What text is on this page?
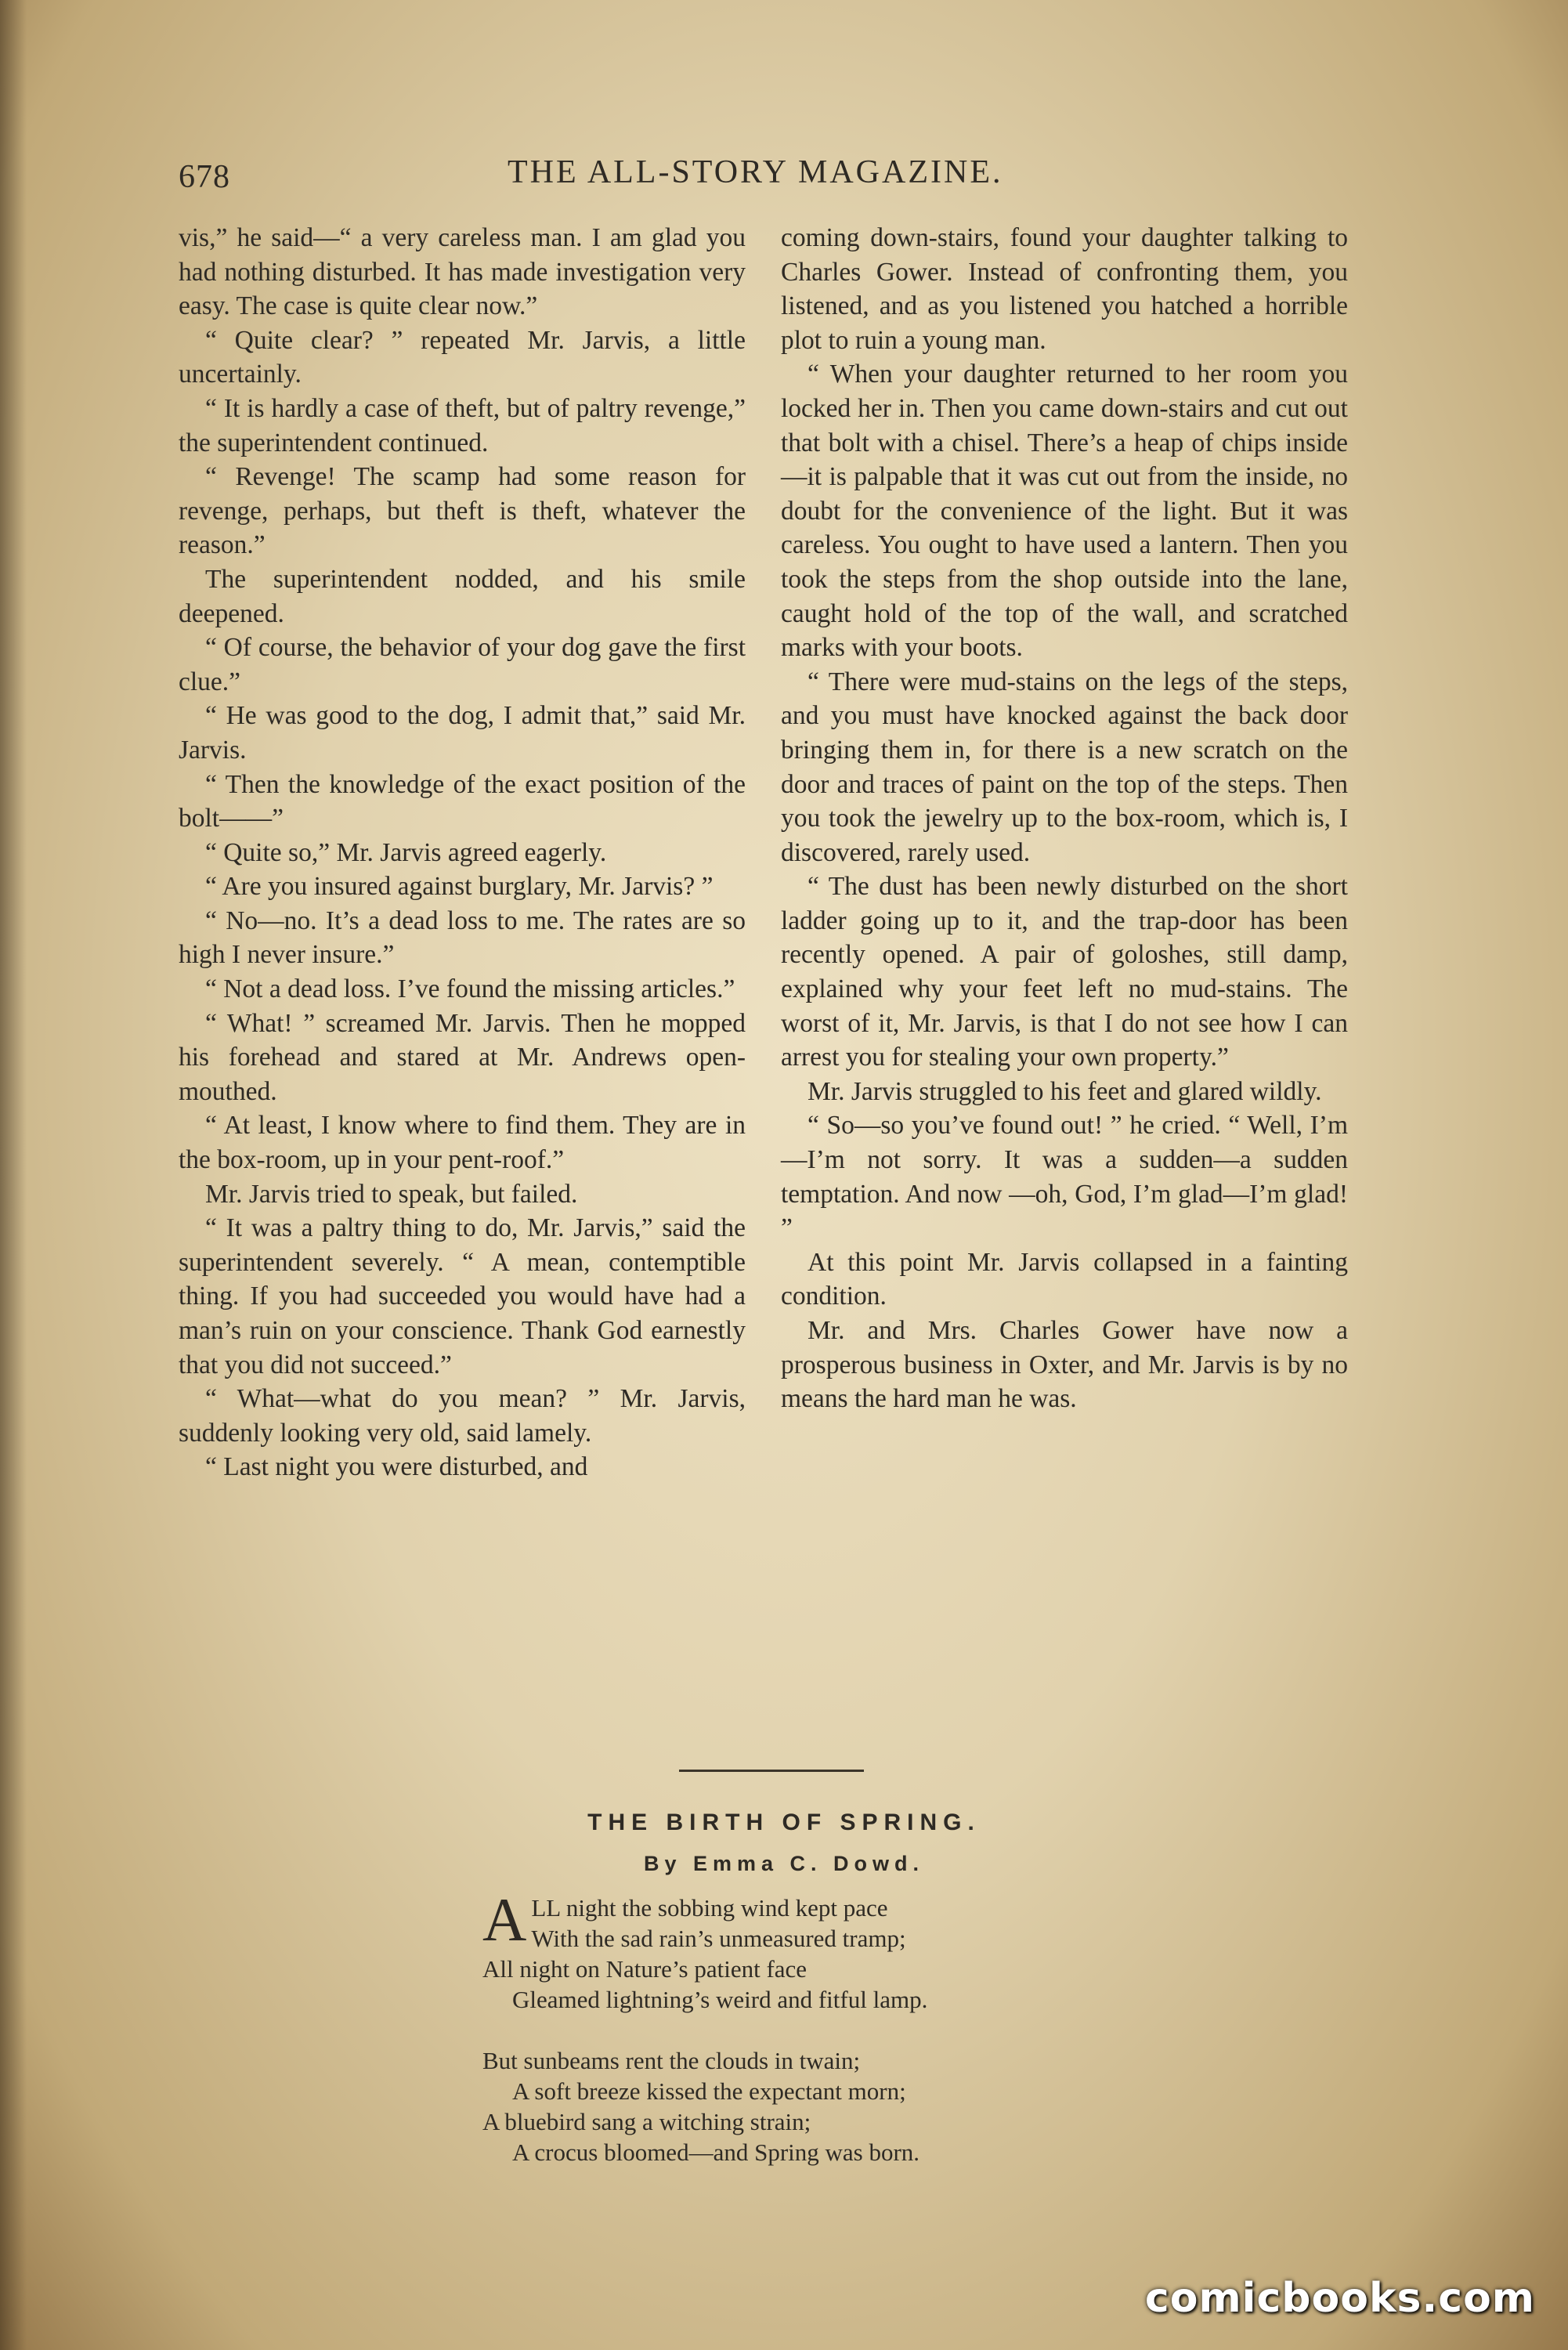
678	THE ALL-STORY MAGAZINE.

vis,” he said—“ a very careless man. I am glad you had nothing disturbed. It has made investigation very easy. The case is quite clear now.”

“ Quite clear? ” repeated Mr. Jarvis, a little uncertainly.

“ It is hardly a case of theft, but of paltry revenge,” the superintendent continued.

“ Revenge! The scamp had some reason for revenge, perhaps, but theft is theft, whatever the reason.”

The superintendent nodded, and his smile deepened.

“ Of course, the behavior of your dog gave the first clue.”

“ He was good to the dog, I admit that,” said Mr. Jarvis.

“ Then the knowledge of the exact position of the bolt——”

“ Quite so,” Mr. Jarvis agreed eagerly.

“ Are you insured against burglary, Mr. Jarvis? ”

“ No—no. It’s a dead loss to me. The rates are so high I never insure.”

“ Not a dead loss. I’ve found the missing articles.”

“ What! ” screamed Mr. Jarvis. Then he mopped his forehead and stared at Mr. Andrews open-mouthed.

“ At least, I know where to find them. They are in the box-room, up in your pent-roof.”

Mr. Jarvis tried to speak, but failed.

“ It was a paltry thing to do, Mr. Jarvis,” said the superintendent severely. “ A mean, contemptible thing. If you had succeeded you would have had a man’s ruin on your conscience. Thank God earnestly that you did not succeed.”

“ What—what do you mean? ” Mr. Jarvis, suddenly looking very old, said lamely.

“ Last night you were disturbed, and

coming down-stairs, found your daughter talking to Charles Gower. Instead of confronting them, you listened, and as you listened you hatched a horrible plot to ruin a young man.

“ When your daughter returned to her room you locked her in. Then you came down-stairs and cut out that bolt with a chisel. There’s a heap of chips inside—it is palpable that it was cut out from the inside, no doubt for the convenience of the light. But it was careless. You ought to have used a lantern. Then you took the steps from the shop outside into the lane, caught hold of the top of the wall, and scratched marks with your boots.

“ There were mud-stains on the legs of the steps, and you must have knocked against the back door bringing them in, for there is a new scratch on the door and traces of paint on the top of the steps. Then you took the jewelry up to the box-room, which is, I discovered, rarely used.

“ The dust has been newly disturbed on the short ladder going up to it, and the trap-door has been recently opened. A pair of goloshes, still damp, explained why your feet left no mud-stains. The worst of it, Mr. Jarvis, is that I do not see how I can arrest you for stealing your own property.”

Mr. Jarvis struggled to his feet and glared wildly.

“ So—so you’ve found out! ” he cried. “ Well, I’m—I’m not sorry. It was a sudden—a sudden temptation. And now —oh, God, I’m glad—I’m glad! ”

At this point Mr. Jarvis collapsed in a fainting condition.

Mr. and Mrs. Charles Gower have now a prosperous business in Oxter, and Mr. Jarvis is by no means the hard man he was.

THE BIRTH OF SPRING.
By Emma C. Dowd.
A LL night the sobbing wind kept pace
With the sad rain’s unmeasured tramp;
All night on Nature’s patient face
Gleamed lightning’s weird and fitful lamp.
But sunbeams rent the clouds in twain;
A soft breeze kissed the expectant morn;
A bluebird sang a witching strain;
A crocus bloomed—and Spring was born.
comicbooks.com
